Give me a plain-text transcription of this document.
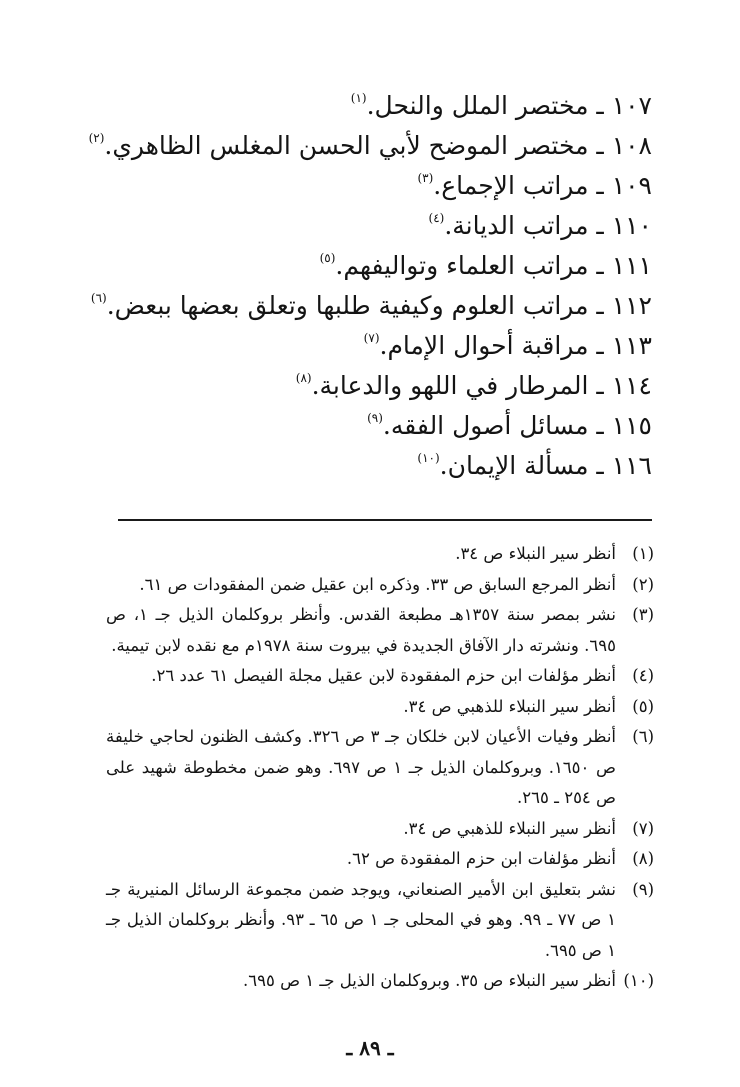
١٠٧ ـ مختصر الملل والنحل.$^{(١)}$
١٠٨ ـ مختصر الموضح لأبي الحسن المغلس الظاهري.$^{(٢)}$
١٠٩ ـ مراتب الإجماع.$^{(٣)}$
١١٠ ـ مراتب الديانة.$^{(٤)}$
١١١ ـ مراتب العلماء وتواليفهم.$^{(٥)}$
١١٢ ـ مراتب العلوم وكيفية طلبها وتعلق بعضها ببعض.$^{(٦)}$
١١٣ ـ مراقبة أحوال الإمام.$^{(٧)}$
١١٤ ـ المرطار في اللهو والدعابة.$^{(٨)}$
١١٥ ـ مسائل أصول الفقه.$^{(٩)}$
١١٦ ـ مسألة الإيمان.$^{(١٠)}$
(١)
أنظر سير النبلاء ص ٣٤.
(٢)
أنظر المرجع السابق ص ٣٣. وذكره ابن عقيل ضمن المفقودات ص ٦١.
(٣)
نشر بمصر سنة ١٣٥٧هـ مطبعة القدس. وأنظر بروكلمان الذيل جـ ١، ص ٦٩٥. ونشرته دار الآفاق الجديدة في بيروت سنة ١٩٧٨م مع نقده لابن تيمية.
(٤)
أنظر مؤلفات ابن حزم المفقودة لابن عقيل مجلة الفيصل ٦١ عدد ٢٦.
(٥)
أنظر سير النبلاء للذهبي ص ٣٤.
(٦)
أنظر وفيات الأعيان لابن خلكان جـ ٣ ص ٣٢٦. وكشف الظنون لحاجي خليفة ص ١٦٥٠. وبروكلمان الذيل جـ ١ ص ٦٩٧. وهو ضمن مخطوطة شهيد على ص ٢٥٤ ـ ٢٦٥.
(٧)
أنظر سير النبلاء للذهبي ص ٣٤.
(٨)
أنظر مؤلفات ابن حزم المفقودة ص ٦٢.
(٩)
نشر بتعليق ابن الأمير الصنعاني، ويوجد ضمن مجموعة الرسائل المنيرية جـ ١ ص ٧٧ ـ ٩٩. وهو في المحلى جـ ١ ص ٦٥ ـ ٩٣. وأنظر بروكلمان الذيل جـ ١ ص ٦٩٥.
(١٠)
أنظر سير النبلاء ص ٣٥. وبروكلمان الذيل جـ ١ ص ٦٩٥.
ـ ٨٩ ـ
